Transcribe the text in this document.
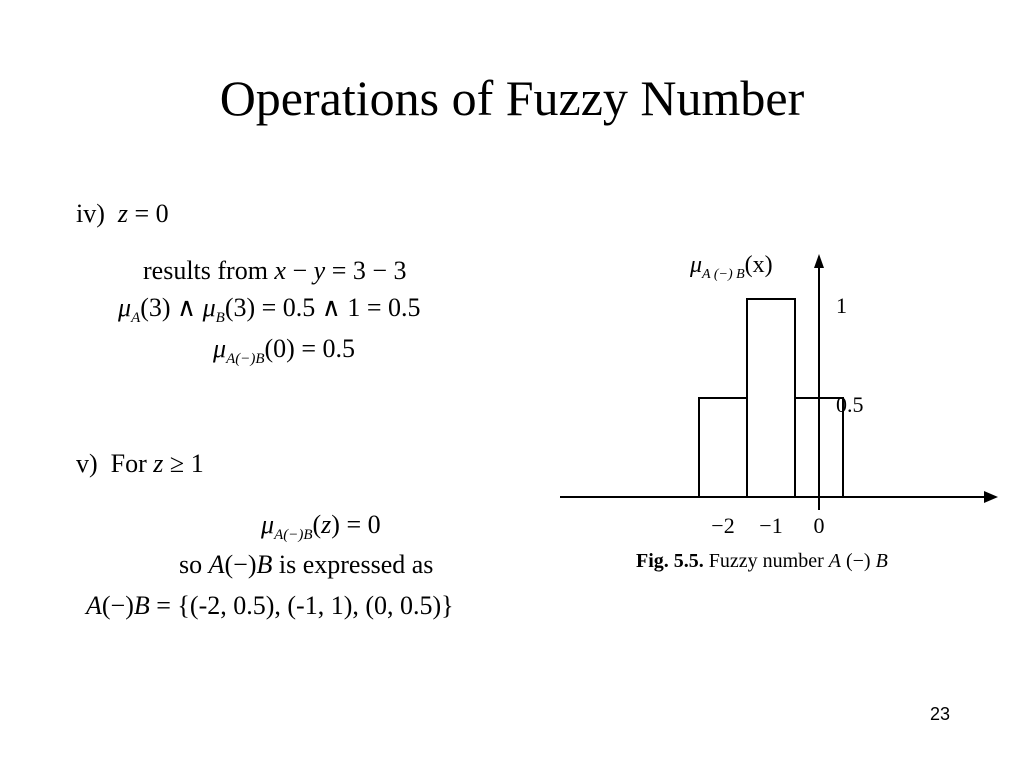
Operations of Fuzzy Number
iv) z = 0
results from x − y = 3 − 3
$\mu_A(3)$ ∧ $\mu_B(3) = 0.5$ ∧ 1 = 0.5
$\mu_{A(-)B}(0) = 0.5$
v) For z ≥ 1
$\mu_{A(-)B}(z) = 0$
so A(−)B is expressed as
A(−)B = {(-2, 0.5), (-1, 1), (0, 0.5)}
−2 −1 0
1
0.5
$\mu_{A (-) B}(x)$
Fig. 5.5. Fuzzy number A (−) B
23
